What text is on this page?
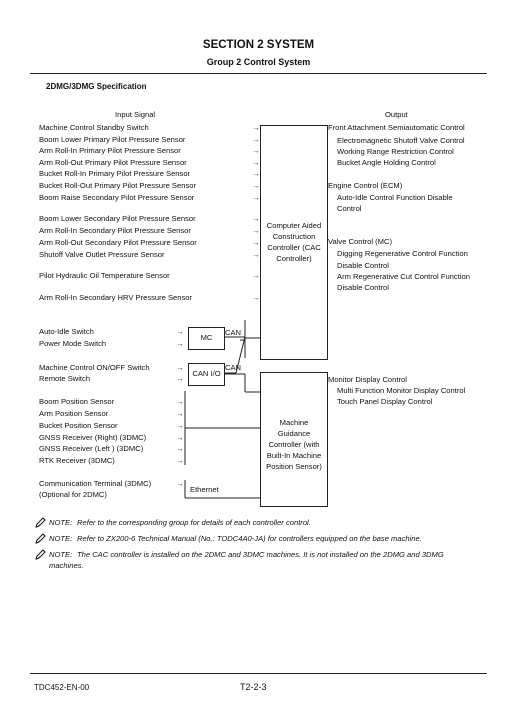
SECTION 2 SYSTEM
Group 2 Control System
2DMG/3DMG Specification
Input Signal	Output
Machine Control Standby Switch
Boom Lower Primary Pilot Pressure Sensor
Arm Roll-In Primary Pilot Pressure Sensor
Arm Roll-Out Primary Pilot Pressure Sensor
Bucket Roll-In Primary Pilot Pressure Sensor
Bucket Roll-Out Primary Pilot Pressure Sensor
Boom Raise Secondary Pilot Pressure Sensor
Boom Lower Secondary Pilot Pressure Sensor
Arm Roll-In Secondary Pilot Pressure Sensor
Arm Roll-Out Secondary Pilot Pressure Sensor
Shutoff Valve Outlet Pressure Sensor
Pilot Hydraulic Oil Temperature Sensor
Arm Roll-In Secondary HRV Pressure Sensor
Auto-Idle Switch
Power Mode Switch
Machine Control ON/OFF Switch
Remote Switch
Boom Position Sensor
Arm Position Sensor
Bucket Position Sensor
GNSS Receiver (Right) (3DMC)
GNSS Receiver (Left ) (3DMC)
RTK Receiver (3DMC)
Communication Terminal (3DMC)
(Optional for 2DMC)
Front Attachment Semiautomatic Control
Electromagnetic Shutoff Valve Control
Working Range Restriction Control
Bucket Angle Holding Control
Engine Control (ECM)
Auto-Idle Control Function Disable
Control
Valve Control (MC)
Digging Regenerative Control Function
Disable Control
Arm Regenerative Cut Control Function
Disable Control
Monitor Display Control
Multi Function Monitor Display Control
Touch Panel Display Control
→
→
→
→
→
→
→
→
→
→
→
→
→
→
→
→
→
→
→
→
→
→
→
→
Computer Aided
Construction
Controller (CAC
Controller)
MC
CAN I/O
Machine
Guidance
Controller (with
Built-In Machine
Position Sensor)
CAN
CAN
Ethernet
NOTE: Refer to the corresponding group for details of each controller control.
NOTE: Refer to ZX200-6 Technical Manual (No.: TODC4A0-JA) for controllers equipped on the base machine.
NOTE: The CAC controller is installed on the 2DMC and 3DMC machines. It is not installed on the 2DMG and 3DMG
machines.
TDC452-EN-00	T2-2-3
